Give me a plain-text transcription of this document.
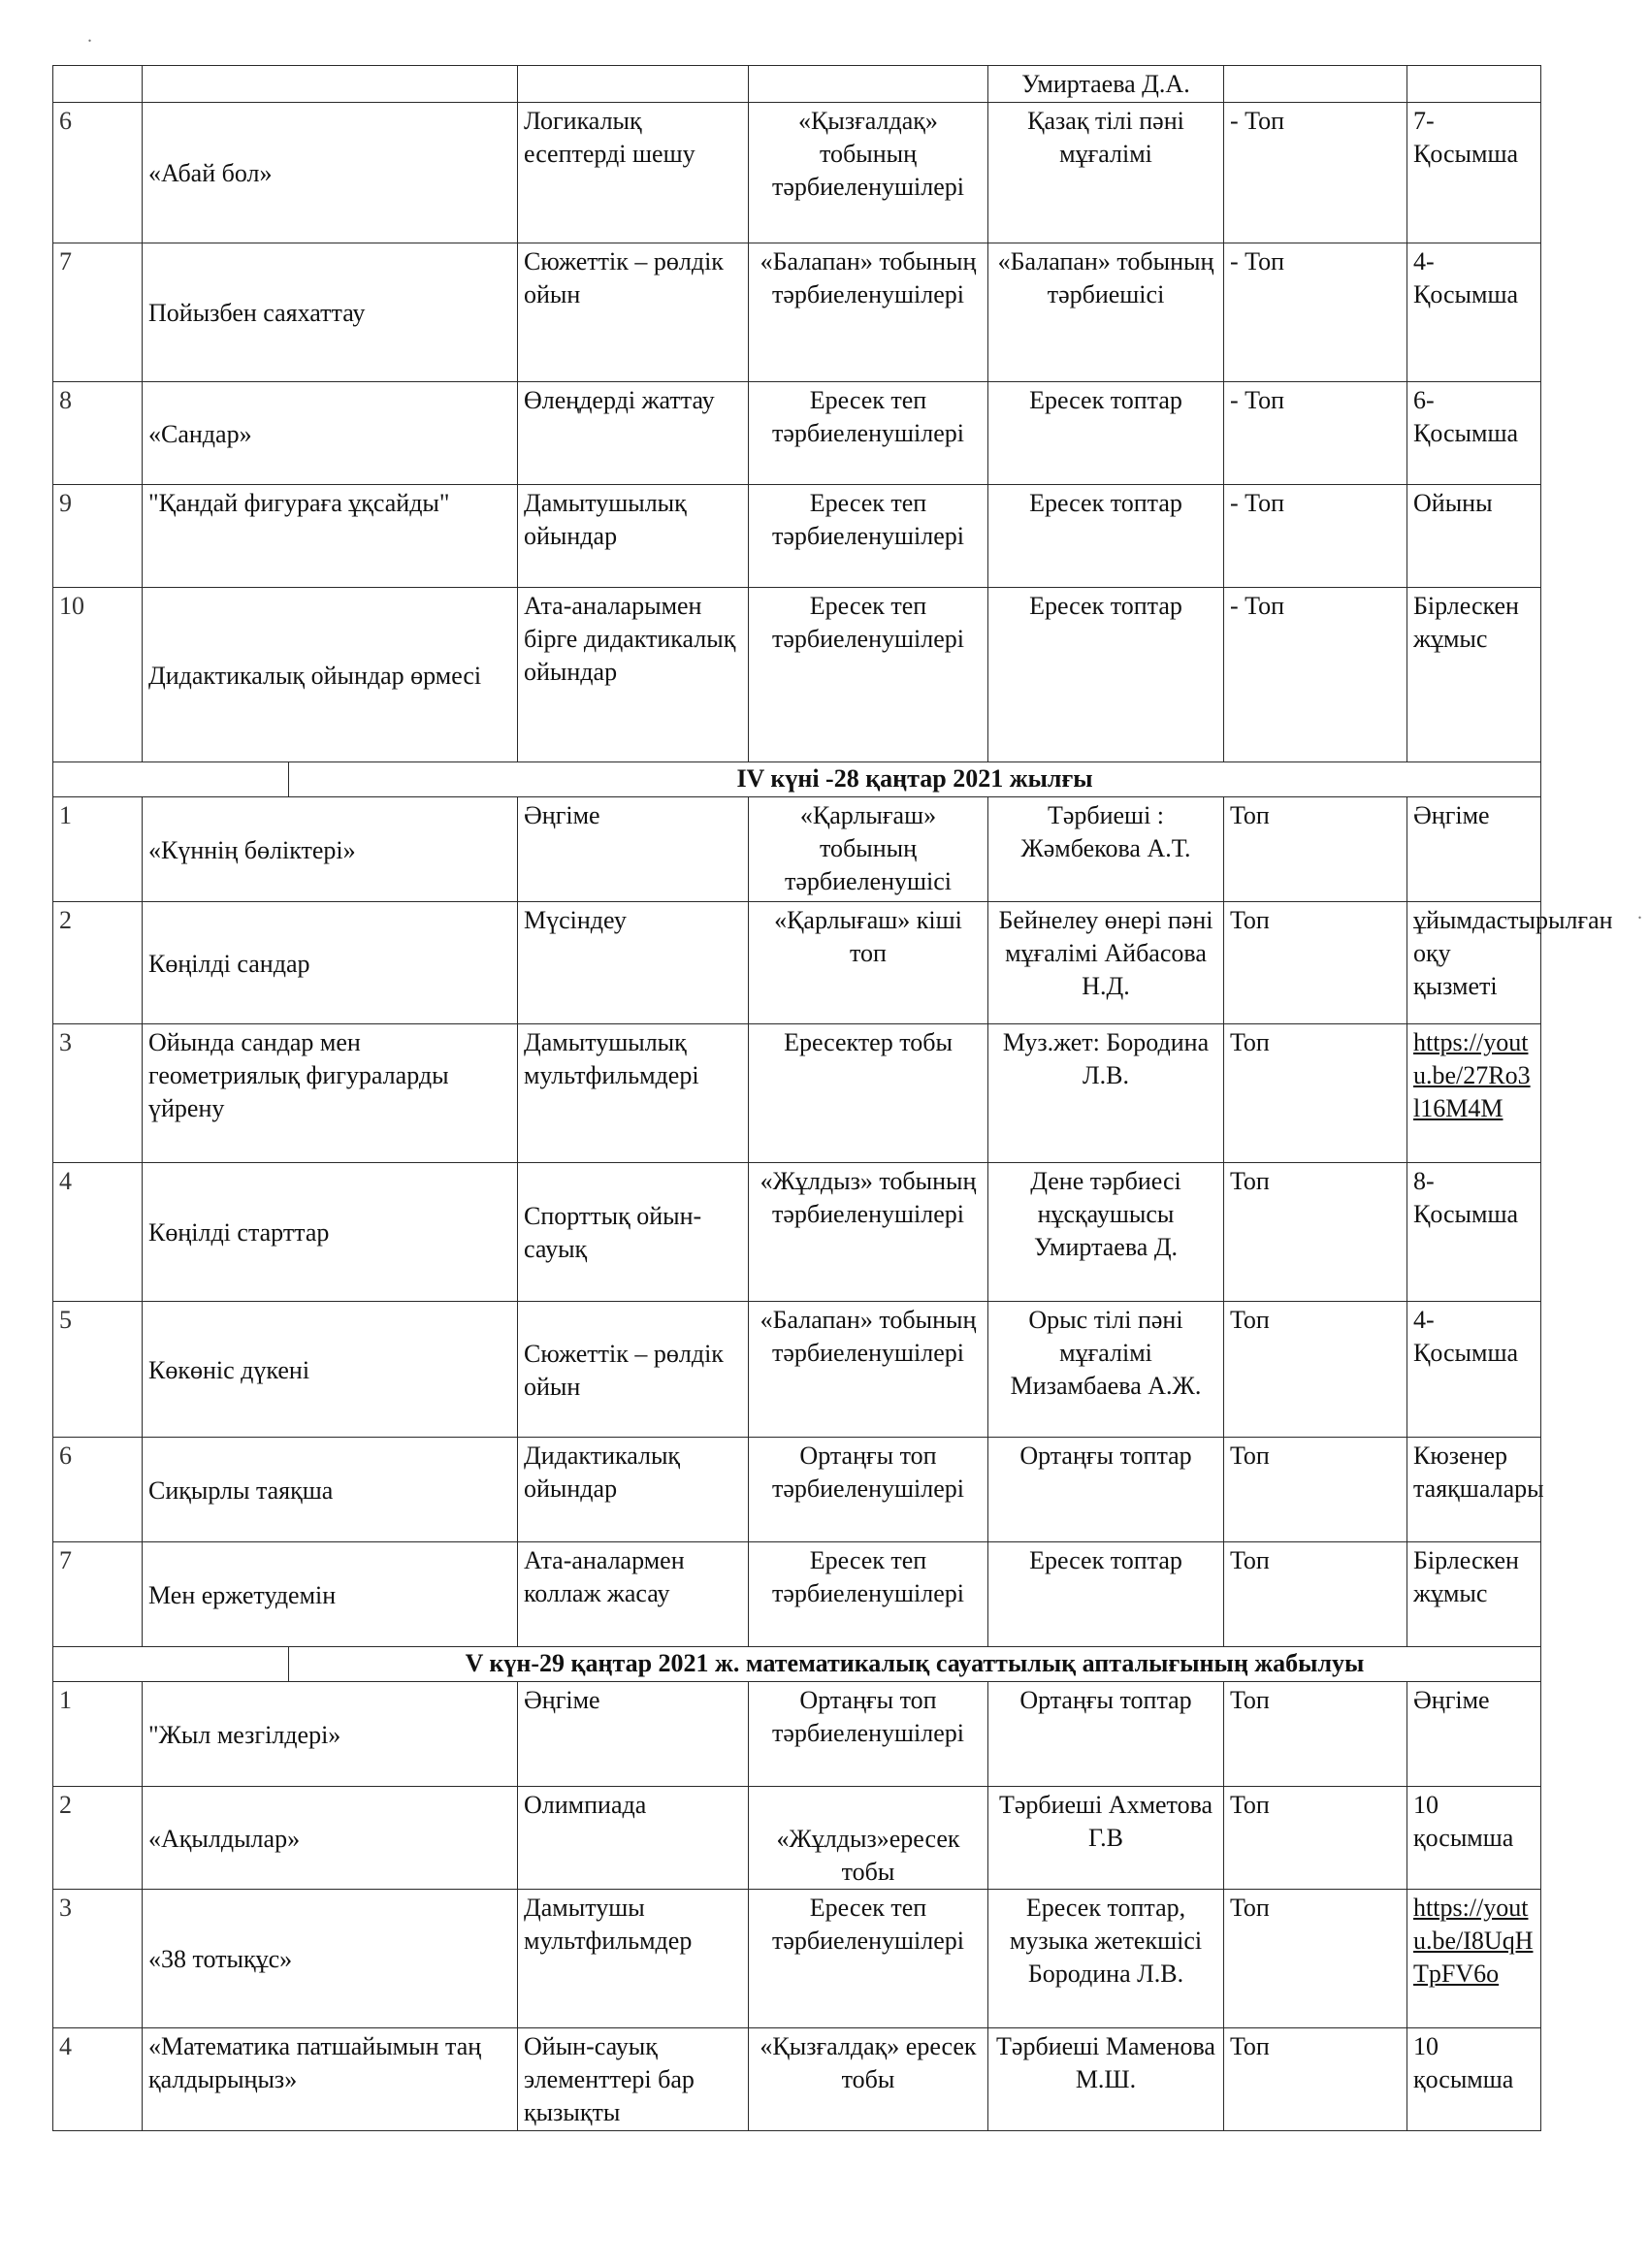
					Умиртаева Д.А.		
6	«Абай бол»		Логикалық есептерді шешу	«Қызғалдақ» тобының тәрбиеленушілері	Қазақ тілі пәні мұғалімі	- Топ	7-Қосымша
7	Пойызбен саяхаттау		Сюжеттік – рөлдік ойын	«Балапан» тобының тәрбиеленушілері	«Балапан» тобының тәрбиешісі	- Топ	4-Қосымша
8	«Сандар»		Өлеңдерді жаттау	Ересек теп тәрбиеленушілері	Ересек топтар	- Топ	6-Қосымша
9	"Қандай фигураға ұқсайды"		Дамытушылық ойындар	Ересек теп тәрбиеленушілері	Ересек топтар	- Топ	Ойыны
10	Дидактикалық ойындар өрмесі		Ата-аналарымен бірге дидактикалық ойындар	Ересек теп тәрбиеленушілері	Ересек топтар	- Топ	Бірлескен жұмыс
		IV күні -28 қаңтар 2021 жылғы					
1	«Күннің бөліктері»		Әңгіме	«Қарлығаш» тобының тәрбиеленушісі	Тәрбиеші : Жәмбекова А.Т.	Топ	Әңгіме
2	Көңілді сандар		Мүсіндеу	«Қарлығаш» кіші топ	Бейнелеу өнері пәні мұғалімі Айбасова Н.Д.	Топ	ұйымдастырылған оқу қызметі
3	Ойында сандар мен геометриялық фигураларды үйрену		Дамытушылық мультфильмдері	Ересектер тобы	Муз.жет: Бородина Л.В.	Топ	https://youtu.be/27Ro3l16M4M
4	Көңілді старттар		Спорттық ойын-сауық	«Жұлдыз» тобының тәрбиеленушілері	Дене тәрбиесі нұсқаушысы Умиртаева Д.	Топ	8-Қосымша
5	Көкөніс дүкені		Сюжеттік – рөлдік ойын	«Балапан» тобының тәрбиеленушілері	Орыс тілі пәні мұғалімі Мизамбаева А.Ж.	Топ	4-Қосымша
6	Сиқырлы таяқша		Дидактикалық ойындар	Ортаңғы топ тәрбиеленушілері	Ортаңғы топтар	Топ	Кюзенер таяқшалары
7	Мен ержетудемін		Ата-аналармен коллаж жасау	Ересек теп тәрбиеленушілері	Ересек топтар	Топ	Бірлескен жұмыс
		V күн-29 қаңтар 2021 ж. математикалық сауаттылық апталығының жабылуы					
1	"Жыл мезгілдері»		Әңгіме	Ортаңғы топ тәрбиеленушілері	Ортаңғы топтар	Топ	Әңгіме
2	«Ақылдылар»		Олимпиада	«Жұлдыз»ересек тобы	Тәрбиеші Ахметова Г.В	Топ	10 қосымша
3	«38 тотықұс»		Дамытушы мультфильмдер	Ересек теп тәрбиеленушілері	Ересек топтар, музыка жетекшісі Бородина Л.В.	Топ	https://youtu.be/I8UqHTpFV6o
4	«Математика патшайымын таң қалдырыңыз»		Ойын-сауық элементтері бар қызықты	«Қызғалдақ» ересек тобы	Тәрбиеші Маменова М.Ш.	Топ	10 қосымша
.
.
